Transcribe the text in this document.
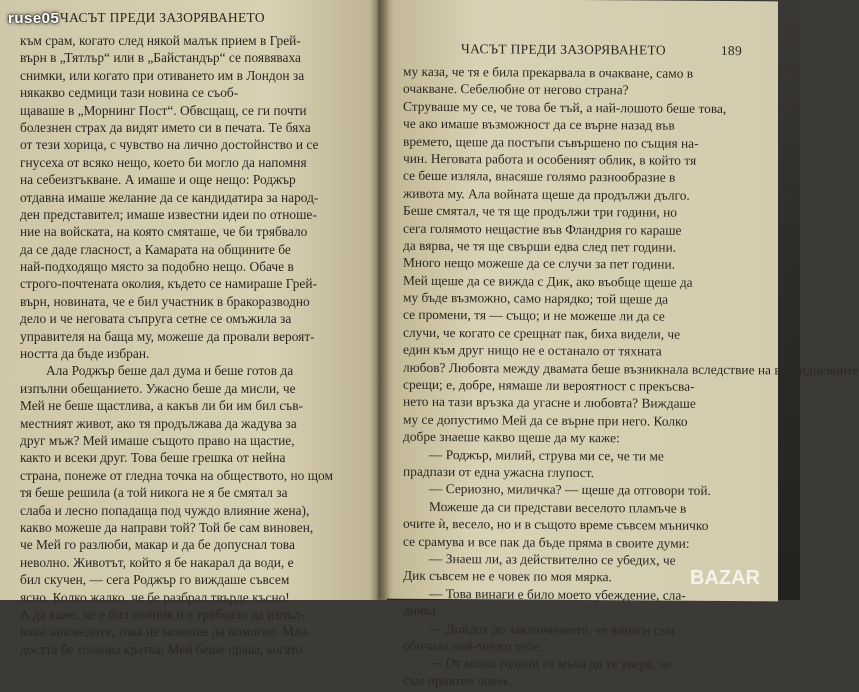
ЧАСЪТ ПРЕДИ ЗАЗОРЯВАНЕТО
към срам, когато след някой малък прием в Грей-
върн в „Тятлър“ или в „Байстандър“ се появяваха
снимки, или когато при отиването им в Лондон за
някакво седмици тази новина се съоб-
щаваше в „Морнинг Пост“. Обвсщащ, се ги почти
болезнен страх да видят името си в печата. Те бяха
от тези хорица, с чувство на лично достойнство и се
гнусеха от всяко нещо, което би могло да напомня
на себеизтъкване. А имаше и още нещо: Роджър
отдавна имаше желание да се кандидатира за народ-
ден представител; имаше известни идеи по отноше-
ние на войската, на която смяташе, че би трябвало
да се даде гласност, а Камарата на общините бе
най-подходящо място за подобно нещо. Обаче в
строго-почтената околия, където се намираше Грей-
върн, новината, че е бил участник в бракоразводно
дело и че неговата съпруга сетне се омъжила за
управителя на баща му, можеше да провали вероят-
ността да бъде избран.
Ала Роджър беше дал дума и беше готов да
изпълни обещанието. Ужасно беше да мисли, че
Мей не беше щастлива, а какъв ли би им бил съв-
местният живот, ако тя продължава да жадува за
друг мъж? Мей имаше същото право на щастие,
както и всеки друг. Това беше грешка от нейна
страна, понеже от гледна точка на обществото, но щом
тя беше решила (а той никога не я бе смятал за
слаба и лесно попадаща под чуждо влияние жена),
какво можеше да направи той? Той бе сам виновен,
че Мей го разлюби, макар и да бе допуснал това
неволно. Животът, който я бе накарал да води, е
бил скучен, — сега Роджър го виждаше съвсем
ясно. Колко жалко, че бе разбрал твърде късно!
А да каже, че е бил войник и е трябвало да изпъл-
нява заповедите, това не можеше да помогне. Мла-
достта бе толкова кратка; Мей беше права, когато
ЧАСЪТ ПРЕДИ ЗАЗОРЯВАНЕТО	189
му каза, че тя е била прекарвала в очакване, само в
очакване. Себелюбие от негово страна?
Струваше му се, че това бе тъй, а най-лошото беше това,
че ако имаше възможност да се върне назад във
времето, щеше да постъпи съвършено по същия на-
чин. Неговата работа и особеният облик, в който тя
се беше изляла, внасяше голямо разнообразие в
живота му. Ала войната щеше да продължи дълго.
Беше смятал, че тя ще продължи три години, но
сега голямото нещастие във Фландрия го караше
да вярва, че тя ще свърши едва след пет години.
Много нещо можеше да се случи за пет години.
Мей щеше да се вижда с Дик, ако въобще щеше да
му бъде възможно, само нарядко; той щеше да
се промени, тя — също; и не можеше ли да се
случи, че когато се срещнат пак, биха видели, че
един към друг нищо не е останало от тяхната
любов? Любовта между двамата беше възникнала вследствие на всекидневните
срещи; е, добре, нямаше ли вероятност с прекъсва-
нето на тази връзка да угасне и любовта? Виждаше
му се допустимо Мей да се върне при него. Колко
добре знаеше какво щеше да му каже:
— Роджър, милий, струва ми се, че ти ме
прадпази от една ужасна глупост.
— Сериозно, миличка? — щеше да отговори той.
Можеше да си представи веселото пламъче в
очите ѝ, весело, но и в същото време съвсем мъничко
се срамува и все пак да бъде пряма в своите думи:
— Знаеш ли, аз действително се убедих, че
Дик съвсем не е човек по моя мярка.
— Това винаги е било моето убеждение, сла-
дичка.
— Дойдох до заключението, че винаги съм
обичала най-много тебе.
— От колко години се мъча да те уверя, че
съм приятен човек.
ruse05
BAZAR
